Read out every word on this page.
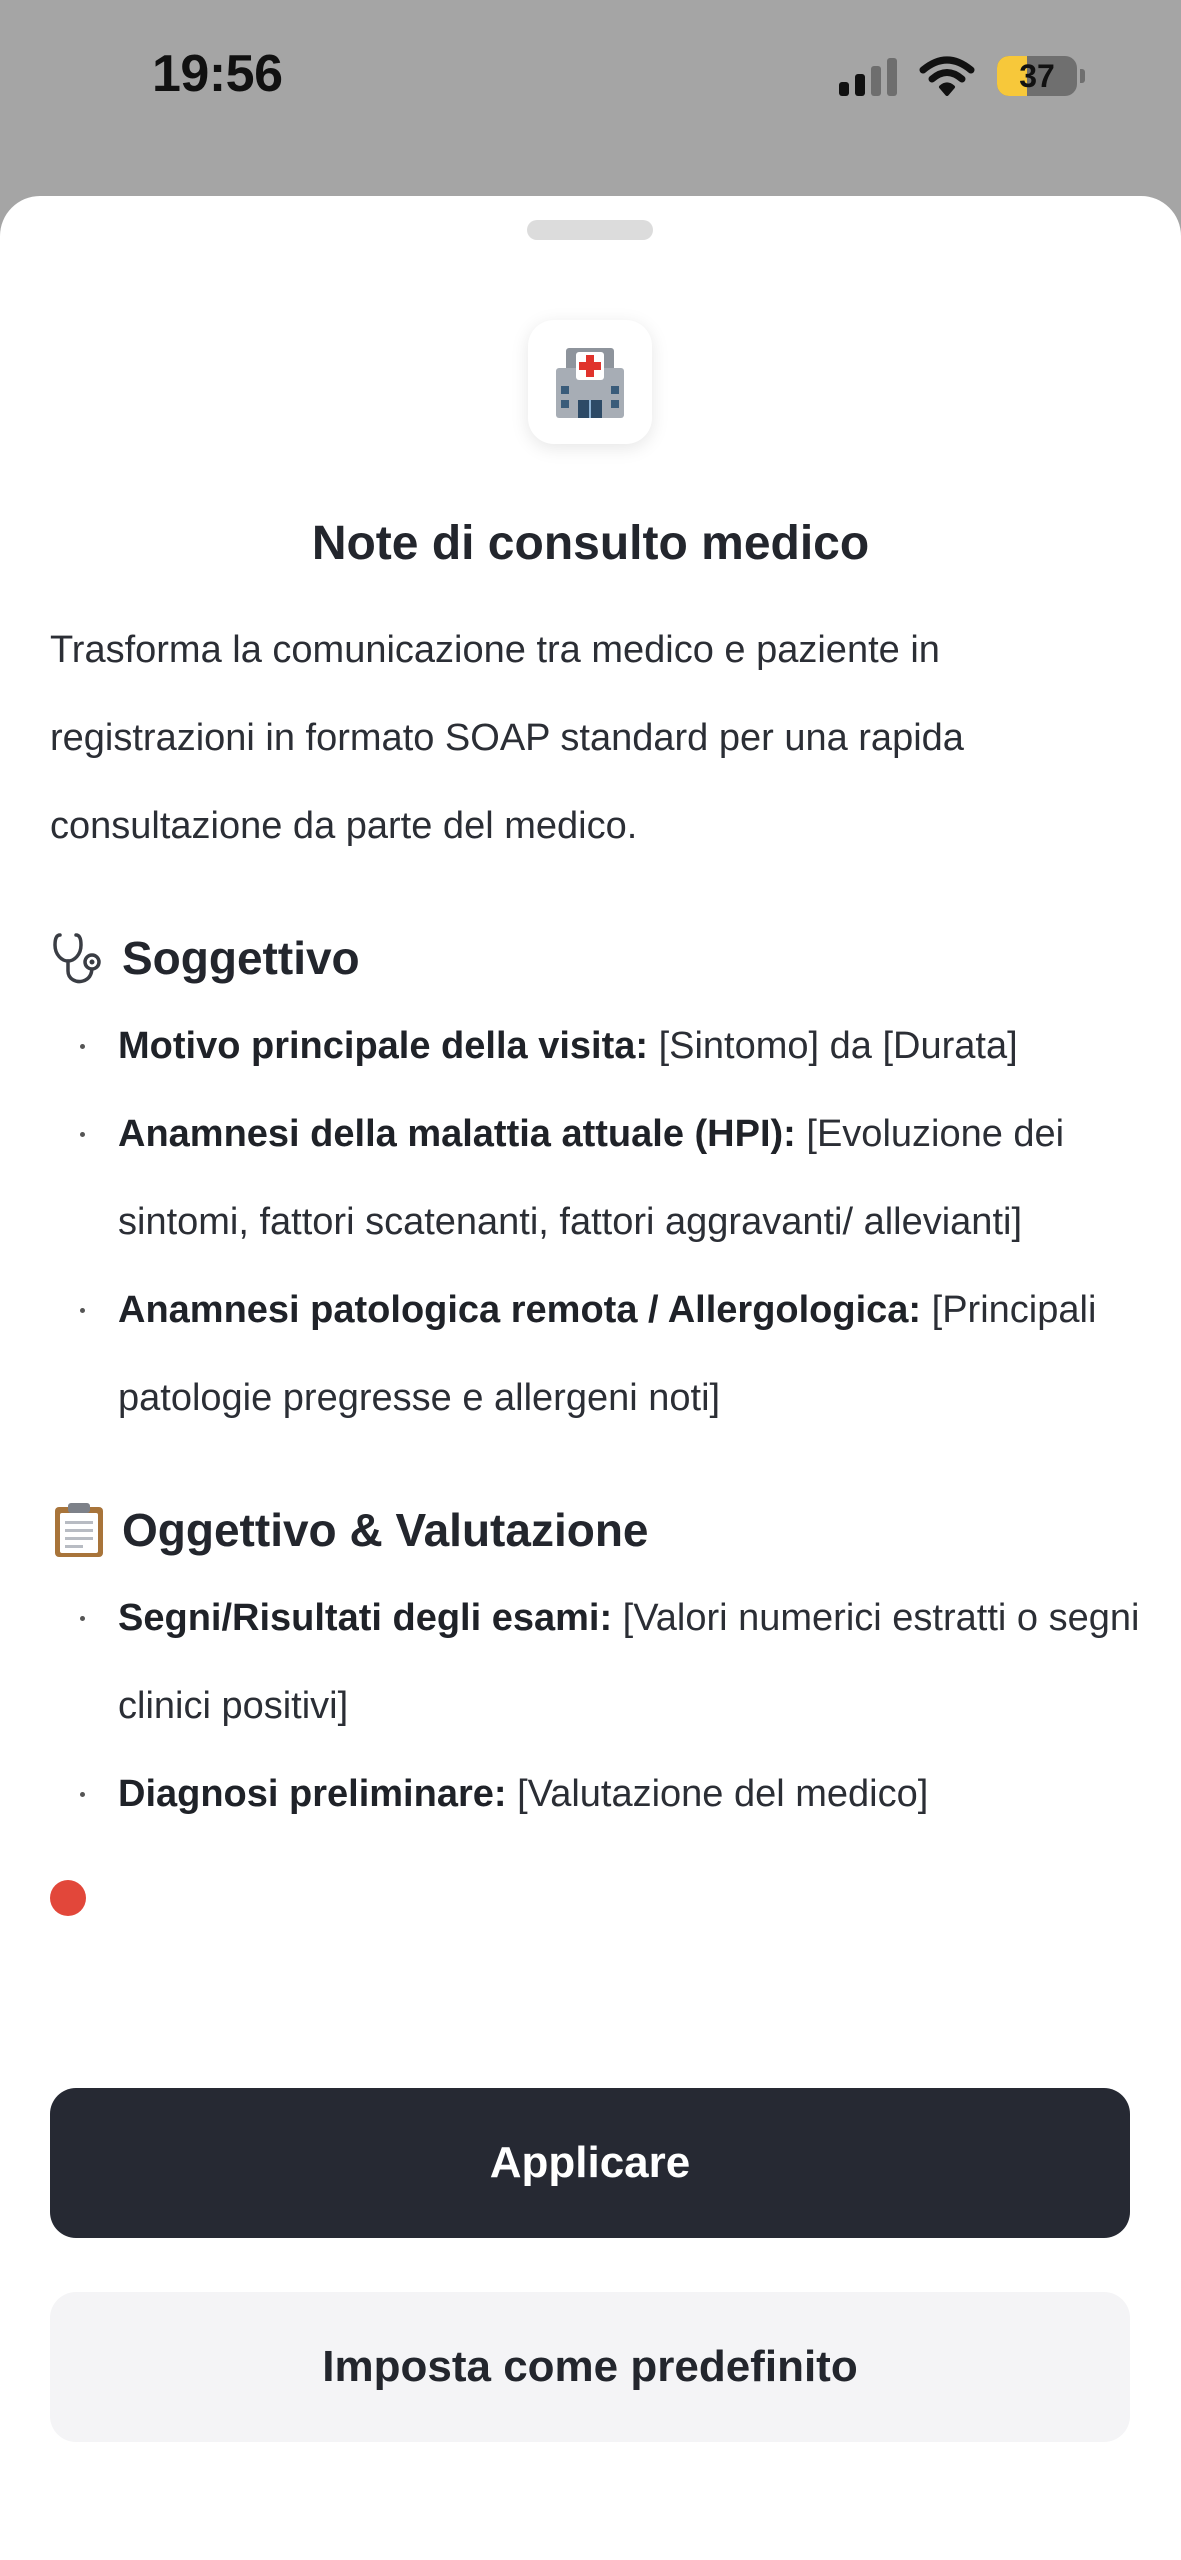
19:56	37
Note di consulto medico

Trasforma la comunicazione tra medico e paziente in registrazioni in formato SOAP standard per una rapida consultazione da parte del medico.

Soggettivo
Motivo principale della visita: [Sintomo] da [Durata]
Anamnesi della malattia attuale (HPI): [Evoluzione dei sintomi, fattori scatenanti, fattori aggravanti/ allevianti]
Anamnesi patologica remota / Allergologica: [Principali patologie pregresse e allergeni noti]
Oggettivo & Valutazione
Segni/Risultati degli esami: [Valori numerici estratti o segni clinici positivi]
Diagnosi preliminare: [Valutazione del medico]
Applicare
Imposta come predefinito
